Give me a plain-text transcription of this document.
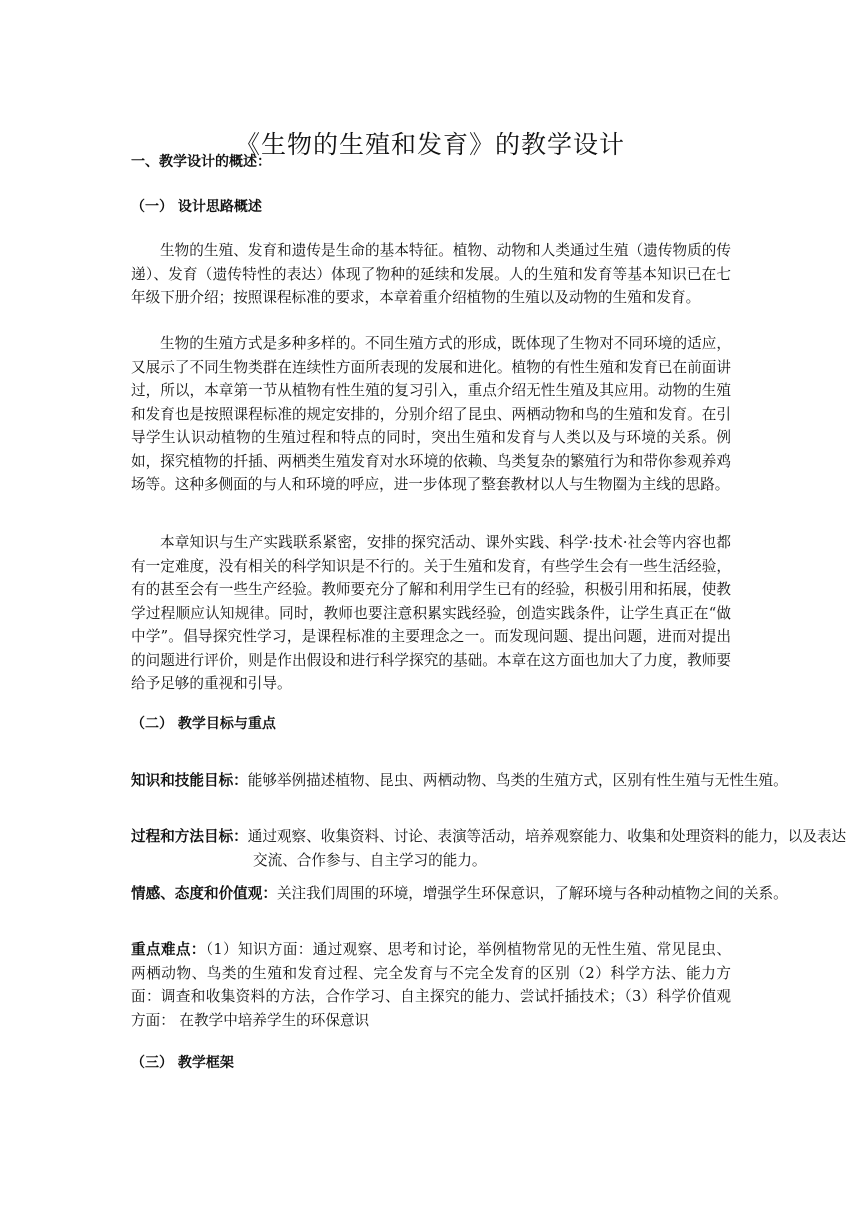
《生物的生殖和发育》的教学设计
一、教学设计的概述：
（一） 设计思路概述

生物的生殖、发育和遗传是生命的基本特征。植物、动物和人类通过生殖（遗传物质的传递）、发育（遗传特性的表达）体现了物种的延续和发展。人的生殖和发育等基本知识已在七年级下册介绍；按照课程标准的要求，本章着重介绍植物的生殖以及动物的生殖和发育。

生物的生殖方式是多种多样的。不同生殖方式的形成，既体现了生物对不同环境的适应，又展示了不同生物类群在连续性方面所表现的发展和进化。植物的有性生殖和发育已在前面讲过，所以，本章第一节从植物有性生殖的复习引入，重点介绍无性生殖及其应用。动物的生殖和发育也是按照课程标准的规定安排的，分别介绍了昆虫、两栖动物和鸟的生殖和发育。在引导学生认识动植物的生殖过程和特点的同时，突出生殖和发育与人类以及与环境的关系。例如，探究植物的扦插、两栖类生殖发育对水环境的依赖、鸟类复杂的繁殖行为和带你参观养鸡场等。这种多侧面的与人和环境的呼应，进一步体现了整套教材以人与生物圈为主线的思路。

本章知识与生产实践联系紧密，安排的探究活动、课外实践、科学·技术·社会等内容也都有一定难度，没有相关的科学知识是不行的。关于生殖和发育，有些学生会有一些生活经验，有的甚至会有一些生产经验。教师要充分了解和利用学生已有的经验，积极引用和拓展，使教学过程顺应认知规律。同时，教师也要注意积累实践经验，创造实践条件，让学生真正在“做中学”。倡导探究性学习，是课程标准的主要理念之一。而发现问题、提出问题，进而对提出的问题进行评价，则是作出假设和进行科学探究的基础。本章在这方面也加大了力度，教师要给予足够的重视和引导。

（二） 教学目标与重点

知识和技能目标：能够举例描述植物、昆虫、两栖动物、鸟类的生殖方式，区别有性生殖与无性生殖。

过程和方法目标：通过观察、收集资料、讨论、表演等活动，培养观察能力、收集和处理资料的能力，以及表达交流、合作参与、自主学习的能力。

情感、态度和价值观：关注我们周围的环境，增强学生环保意识，了解环境与各种动植物之间的关系。

重点难点：（1）知识方面：通过观察、思考和讨论，举例植物常见的无性生殖、常见昆虫、两栖动物、鸟类的生殖和发育过程、完全发育与不完全发育的区别（2）科学方法、能力方面：调查和收集资料的方法，合作学习、自主探究的能力、尝试扦插技术；（3）科学价值观方面： 在教学中培养学生的环保意识

（三） 教学框架
